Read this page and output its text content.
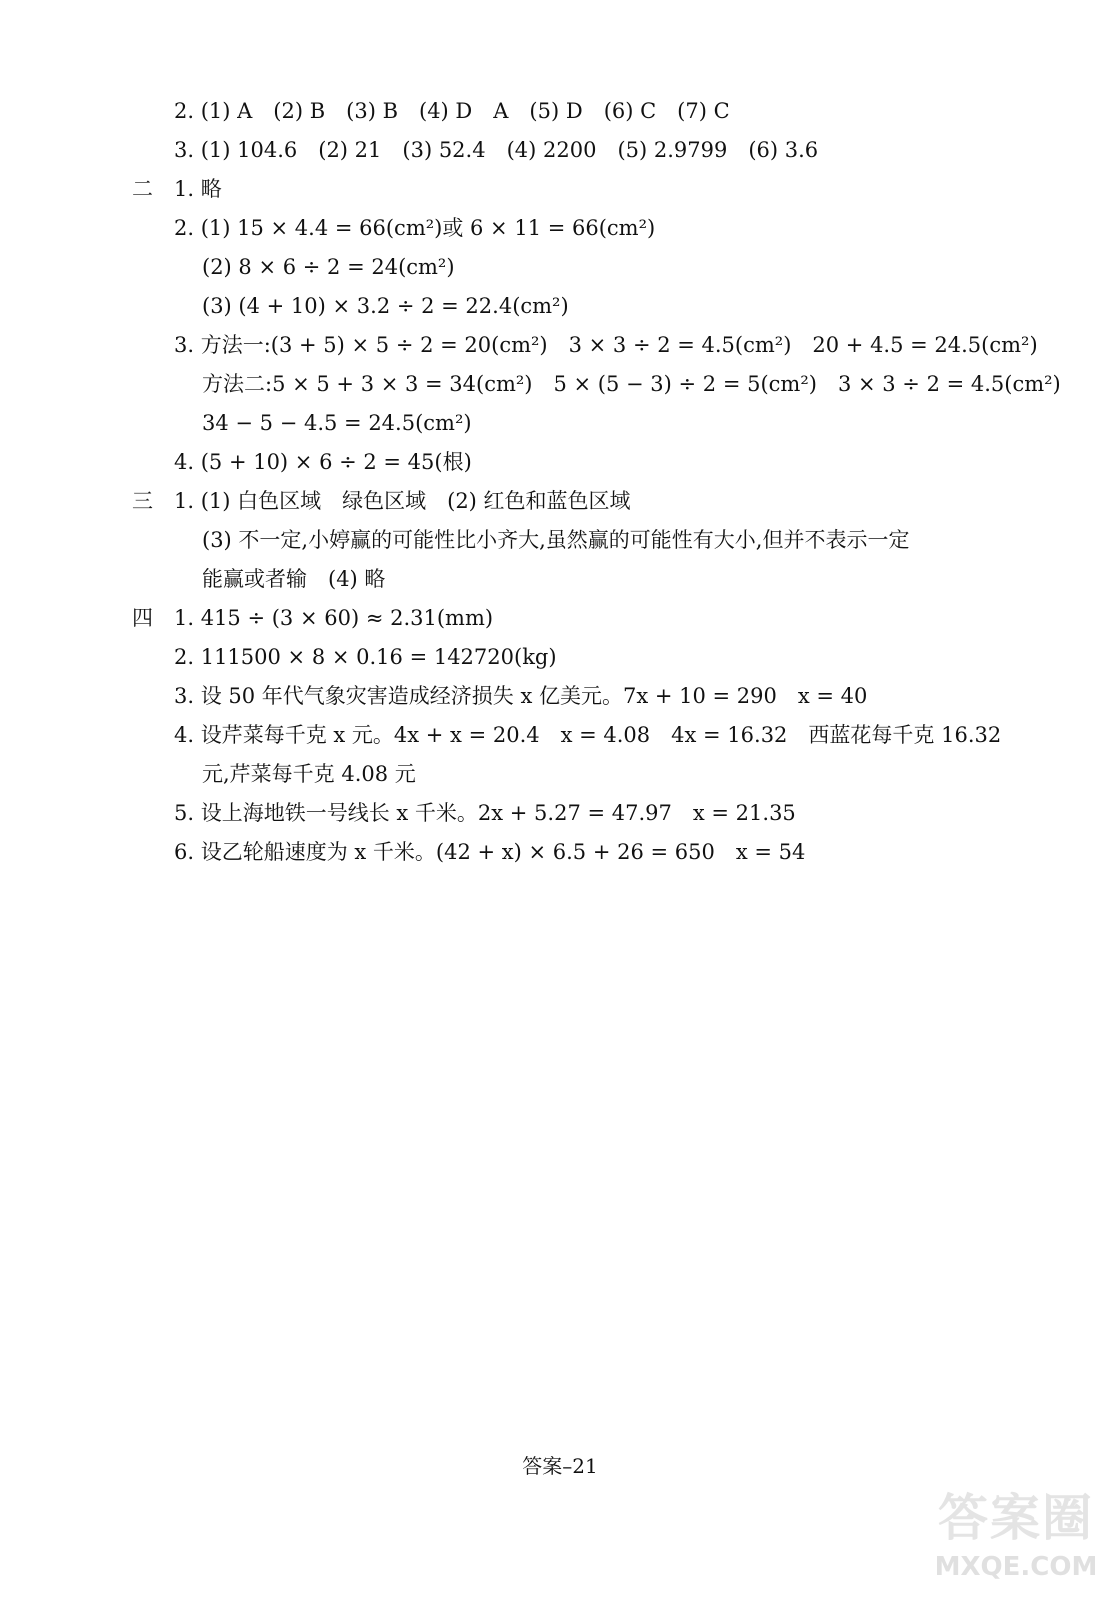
2. (1) A　(2) B　(3) B　(4) D　A　(5) D　(6) C　(7) C
3. (1) 104.6　(2) 21　(3) 52.4　(4) 2200　(5) 2.9799　(6) 3.6
二 1. 略
2. (1) 15 × 4.4 = 66(cm²)或 6 × 11 = 66(cm²)
(2) 8 × 6 ÷ 2 = 24(cm²)
(3) (4 + 10) × 3.2 ÷ 2 = 22.4(cm²)
3. 方法一:(3 + 5) × 5 ÷ 2 = 20(cm²)　3 × 3 ÷ 2 = 4.5(cm²)　20 + 4.5 = 24.5(cm²)
方法二:5 × 5 + 3 × 3 = 34(cm²)　5 × (5 − 3) ÷ 2 = 5(cm²)　3 × 3 ÷ 2 = 4.5(cm²)
34 − 5 − 4.5 = 24.5(cm²)
4. (5 + 10) × 6 ÷ 2 = 45(根)
三 1. (1) 白色区域　绿色区域　(2) 红色和蓝色区域
(3) 不一定,小婷赢的可能性比小齐大,虽然赢的可能性有大小,但并不表示一定
能赢或者输　(4) 略
四 1. 415 ÷ (3 × 60) ≈ 2.31(mm)
2. 111500 × 8 × 0.16 = 142720(kg)
3. 设 50 年代气象灾害造成经济损失 x 亿美元。7x + 10 = 290　x = 40
4. 设芹菜每千克 x 元。4x + x = 20.4　x = 4.08　4x = 16.32　西蓝花每千克 16.32
元,芹菜每千克 4.08 元
5. 设上海地铁一号线长 x 千米。2x + 5.27 = 47.97　x = 21.35
6. 设乙轮船速度为 x 千米。(42 + x) × 6.5 + 26 = 650　x = 54
答案–21
答案圈
MXQE.COM
